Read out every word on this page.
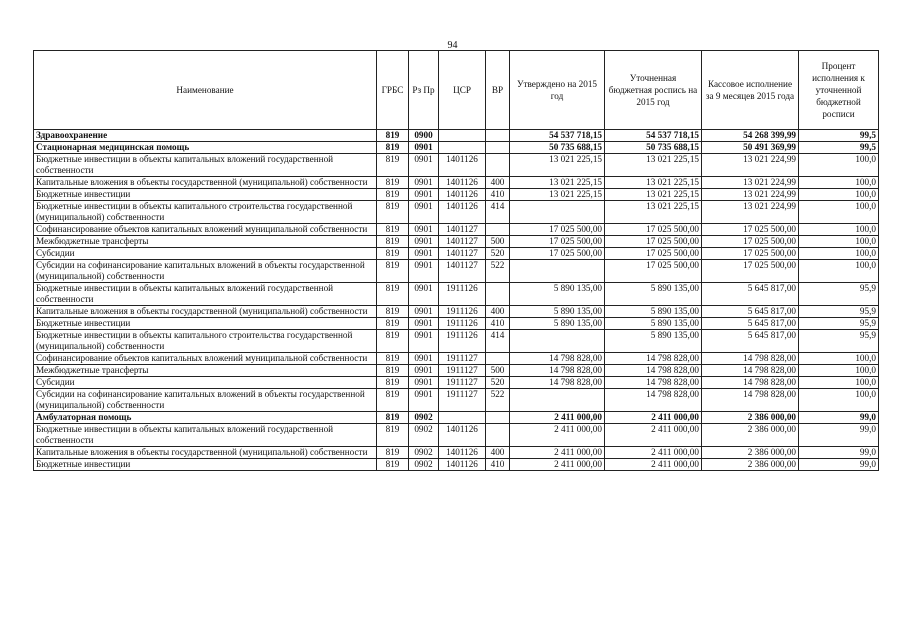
94
Наименование	ГРБС	Рз Пр	ЦСР	ВР	Утверждено на 2015 год	Уточненная бюджетная роспись на 2015 год	Кассовое исполнение за 9 месяцев 2015 года	Процент исполнения к уточненной бюджетной росписи
Здравоохранение	819	0900			54 537 718,15	54 537 718,15	54 268 399,99	99,5
Стационарная медицинская помощь	819	0901			50 735 688,15	50 735 688,15	50 491 369,99	99,5
Бюджетные инвестиции в объекты капитальных вложений государственной собственности	819	0901	1401126		13 021 225,15	13 021 225,15	13 021 224,99	100,0
Капитальные вложения в объекты государственной (муниципальной) собственности	819	0901	1401126	400	13 021 225,15	13 021 225,15	13 021 224,99	100,0
Бюджетные инвестиции	819	0901	1401126	410	13 021 225,15	13 021 225,15	13 021 224,99	100,0
Бюджетные инвестиции в объекты капитального строительства государственной (муниципальной) собственности	819	0901	1401126	414		13 021 225,15	13 021 224,99	100,0
Софинансирование объектов капитальных вложений муниципальной собственности	819	0901	1401127		17 025 500,00	17 025 500,00	17 025 500,00	100,0
Межбюджетные трансферты	819	0901	1401127	500	17 025 500,00	17 025 500,00	17 025 500,00	100,0
Субсидии	819	0901	1401127	520	17 025 500,00	17 025 500,00	17 025 500,00	100,0
Субсидии на софинансирование капитальных вложений в объекты государственной (муниципальной) собственности	819	0901	1401127	522		17 025 500,00	17 025 500,00	100,0
Бюджетные инвестиции в объекты капитальных вложений государственной собственности	819	0901	1911126		5 890 135,00	5 890 135,00	5 645 817,00	95,9
Капитальные вложения в объекты государственной (муниципальной) собственности	819	0901	1911126	400	5 890 135,00	5 890 135,00	5 645 817,00	95,9
Бюджетные инвестиции	819	0901	1911126	410	5 890 135,00	5 890 135,00	5 645 817,00	95,9
Бюджетные инвестиции в объекты капитального строительства государственной (муниципальной) собственности	819	0901	1911126	414		5 890 135,00	5 645 817,00	95,9
Софинансирование объектов капитальных вложений муниципальной собственности	819	0901	1911127		14 798 828,00	14 798 828,00	14 798 828,00	100,0
Межбюджетные трансферты	819	0901	1911127	500	14 798 828,00	14 798 828,00	14 798 828,00	100,0
Субсидии	819	0901	1911127	520	14 798 828,00	14 798 828,00	14 798 828,00	100,0
Субсидии на софинансирование капитальных вложений в объекты государственной (муниципальной) собственности	819	0901	1911127	522		14 798 828,00	14 798 828,00	100,0
Амбулаторная помощь	819	0902			2 411 000,00	2 411 000,00	2 386 000,00	99,0
Бюджетные инвестиции в объекты капитальных вложений государственной собственности	819	0902	1401126		2 411 000,00	2 411 000,00	2 386 000,00	99,0
Капитальные вложения в объекты государственной (муниципальной) собственности	819	0902	1401126	400	2 411 000,00	2 411 000,00	2 386 000,00	99,0
Бюджетные инвестиции	819	0902	1401126	410	2 411 000,00	2 411 000,00	2 386 000,00	99,0
